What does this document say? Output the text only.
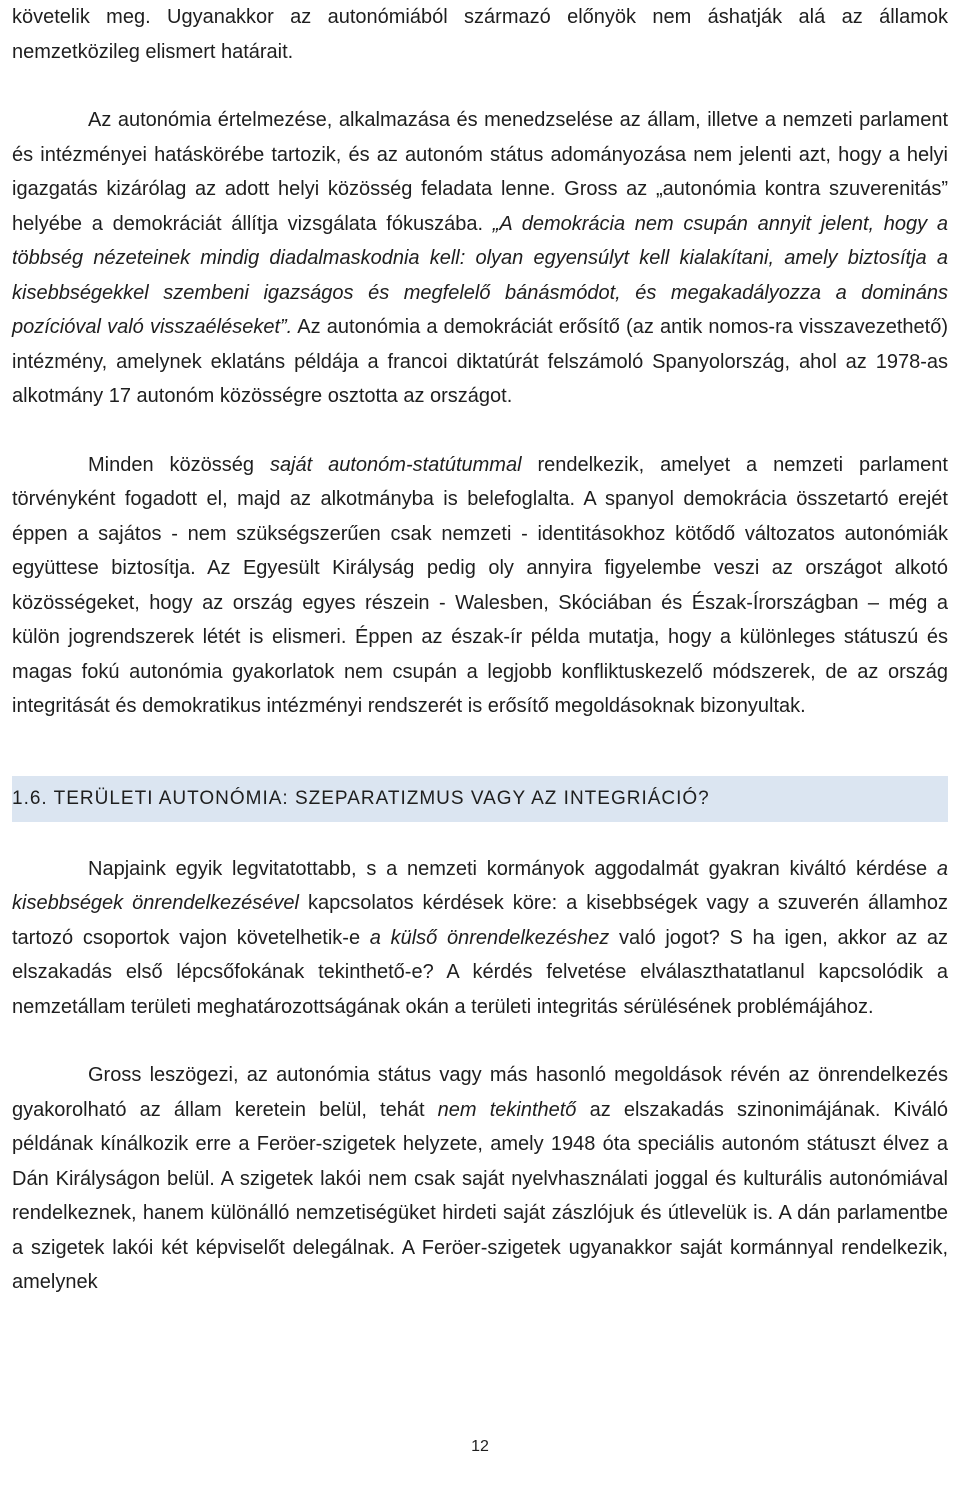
követelik meg. Ugyanakkor az autonómiából származó előnyök nem áshatják alá az államok nemzetközileg elismert határait.

Az autonómia értelmezése, alkalmazása és menedzselése az állam, illetve a nemzeti parlament és intézményei hatáskörébe tartozik, és az autonóm státus adományozása nem jelenti azt, hogy a helyi igazgatás kizárólag az adott helyi közösség feladata lenne. Gross az „autonómia kontra szuverenitás” helyébe a demokráciát állítja vizsgálata fókuszába. „A demokrácia nem csupán annyit jelent, hogy a többség nézeteinek mindig diadalmaskodnia kell: olyan egyensúlyt kell kialakítani, amely biztosítja a kisebbségekkel szembeni igazságos és megfelelő bánásmódot, és megakadályozza a domináns pozícióval való visszaéléseket”. Az autonómia a demokráciát erősítő (az antik nomos-ra visszavezethető) intézmény, amelynek eklatáns példája a francoi diktatúrát felszámoló Spanyolország, ahol az 1978-as alkotmány 17 autonóm közösségre osztotta az országot.

Minden közösség saját autonóm-statútummal rendelkezik, amelyet a nemzeti parlament törvényként fogadott el, majd az alkotmányba is belefoglalta. A spanyol demokrácia összetartó erejét éppen a sajátos - nem szükségszerűen csak nemzeti - identitásokhoz kötődő változatos autonómiák együttese biztosítja. Az Egyesült Királyság pedig oly annyira figyelembe veszi az országot alkotó közösségeket, hogy az ország egyes részein - Walesben, Skóciában és Észak-Írországban – még a külön jogrendszerek létét is elismeri. Éppen az észak-ír példa mutatja, hogy a különleges státuszú és magas fokú autonómia gyakorlatok nem csupán a legjobb konfliktuskezelő módszerek, de az ország integritását és demokratikus intézményi rendszerét is erősítő megoldásoknak bizonyultak.

1.6. TERÜLETI AUTONÓMIA: SZEPARATIZMUS VAGY AZ INTEGRIÁCIÓ?

Napjaink egyik legvitatottabb, s a nemzeti kormányok aggodalmát gyakran kiváltó kérdése a kisebbségek önrendelkezésével kapcsolatos kérdések köre: a kisebbségek vagy a szuverén államhoz tartozó csoportok vajon követelhetik-e a külső önrendelkezéshez való jogot? S ha igen, akkor az az elszakadás első lépcsőfokának tekinthető-e? A kérdés felvetése elválaszthatatlanul kapcsolódik a nemzetállam területi meghatározottságának okán a területi integritás sérülésének problémájához.

Gross leszögezi, az autonómia státus vagy más hasonló megoldások révén az önrendelkezés gyakorolható az állam keretein belül, tehát nem tekinthető az elszakadás szinonimájának. Kiváló példának kínálkozik erre a Feröer-szigetek helyzete, amely 1948 óta speciális autonóm státuszt élvez a Dán Királyságon belül. A szigetek lakói nem csak saját nyelvhasználati joggal és kulturális autonómiával rendelkeznek, hanem különálló nemzetiségüket hirdeti saját zászlójuk és útlevelük is. A dán parlamentbe a szigetek lakói két képviselőt delegálnak. A Feröer-szigetek ugyanakkor saját kormánnyal rendelkezik, amelynek

12
